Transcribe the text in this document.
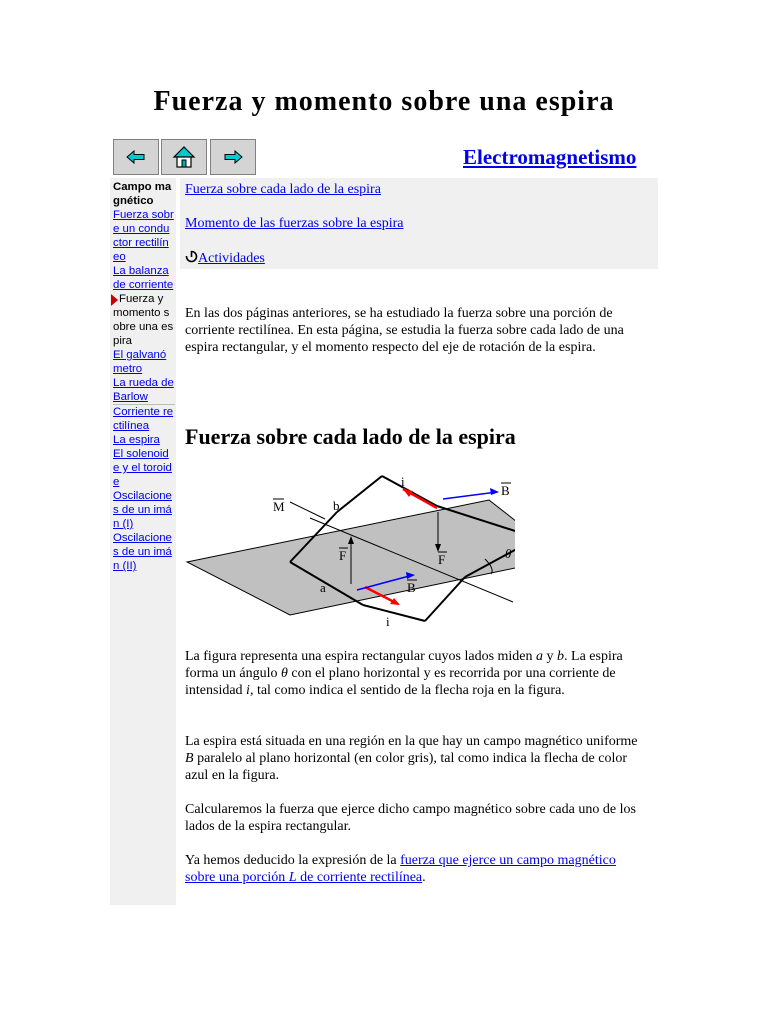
Fuerza y momento sobre una espira
Electromagnetismo
Campo magnético
Fuerza sobre un conductor rectilíneo
La balanza de corriente
Fuerza y momento sobre una espira
El galvanómetro
La rueda de Barlow
Corriente rectilínea
La espira
El solenoide y el toroide
Oscilaciones de un imán (I)
Oscilaciones de un imán (II)
Fuerza sobre cada lado de la espira
Momento de las fuerzas sobre la espira
Actividades
En las dos páginas anteriores, se ha estudiado la fuerza sobre una porción de corriente rectilínea. En esta página, se estudia la fuerza sobre cada lado de una espira rectangular, y el momento respecto del eje de rotación de la espira.
Fuerza sobre cada lado de la espira
M	b
i
B
F	F	θ
a	B
i
La figura representa una espira rectangular cuyos lados miden a y b. La espira forma un ángulo θ con el plano horizontal y es recorrida por una corriente de intensidad i, tal como indica el sentido de la flecha roja en la figura.
La espira está situada en una región en la que hay un campo magnético uniforme B paralelo al plano horizontal (en color gris), tal como indica la flecha de color azul en la figura.
Calcularemos la fuerza que ejerce dicho campo magnético sobre cada uno de los lados de la espira rectangular.
Ya hemos deducido la expresión de la fuerza que ejerce un campo magnético sobre una porción L de corriente rectilínea.
